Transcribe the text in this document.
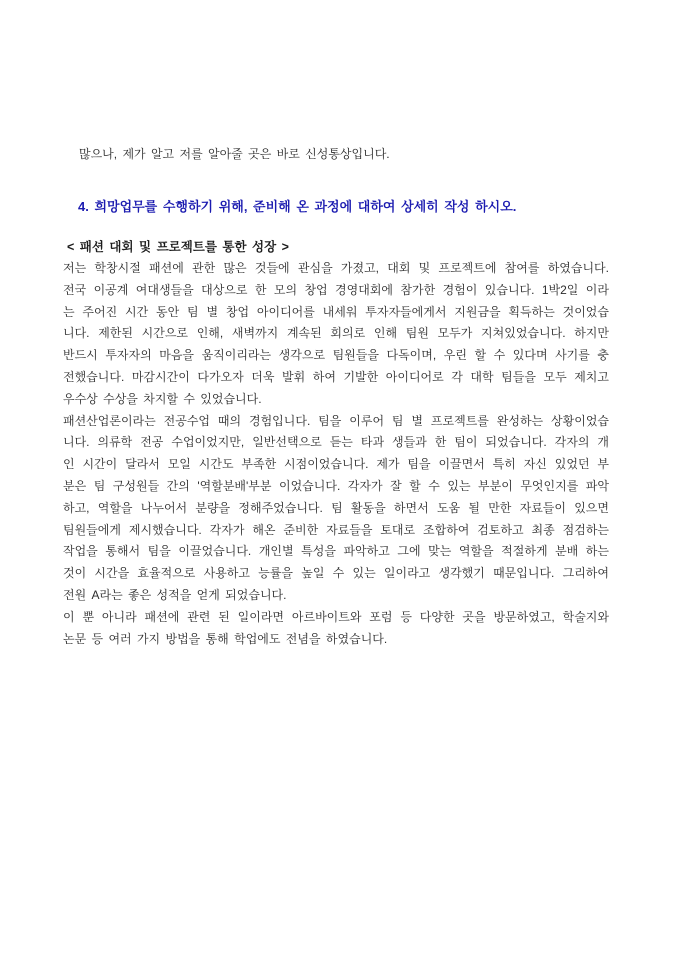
많으나, 제가 알고 저를 알아줄 곳은 바로 신성통상입니다.

4. 희망업무를 수행하기 위해, 준비해 온 과정에 대하여 상세히 작성 하시오.
< 패션 대회 및 프로젝트를 통한 성장 >
저는 학창시절 패션에 관한 많은 것들에 관심을 가졌고, 대회 및 프로젝트에 참여를 하였습니다.
전국 이공계 여대생들을 대상으로 한 모의 창업 경영대회에 참가한 경험이 있습니다. 1박2일 이라
는 주어진 시간 동안 팀 별 창업 아이디어를 내세워 투자자들에게서 지원금을 획득하는 것이었습
니다. 제한된 시간으로 인해, 새벽까지 계속된 회의로 인해 팀원 모두가 지쳐있었습니다. 하지만
반드시 투자자의 마음을 움직이리라는 생각으로 팀원들을 다독이며, 우린 할 수 있다며 사기를 충
전했습니다. 마감시간이 다가오자 더욱 발휘 하여 기발한 아이디어로 각 대학 팀들을 모두 제치고
우수상 수상을 차지할 수 있었습니다.
패션산업론이라는 전공수업 때의 경험입니다. 팀을 이루어 팀 별 프로젝트를 완성하는 상황이었습
니다. 의류학 전공 수업이었지만, 일반선택으로 듣는 타과 생들과 한 팀이 되었습니다. 각자의 개
인 시간이 달라서 모일 시간도 부족한 시점이었습니다. 제가 팀을 이끌면서 특히 자신 있었던 부
분은 팀 구성원들 간의 '역할분배'부분 이었습니다. 각자가 잘 할 수 있는 부분이 무엇인지를 파악
하고, 역할을 나누어서 분량을 정해주었습니다. 팀 활동을 하면서 도움 될 만한 자료들이 있으면
팀원들에게 제시했습니다. 각자가 해온 준비한 자료들을 토대로 조합하여 검토하고 최종 점검하는
작업을 통해서 팀을 이끌었습니다. 개인별 특성을 파악하고 그에 맞는 역할을 적절하게 분배 하는
것이 시간을 효율적으로 사용하고 능률을 높일 수 있는 일이라고 생각했기 때문입니다. 그리하여
전원 A라는 좋은 성적을 얻게 되었습니다.
이 뿐 아니라 패션에 관련 된 일이라면 아르바이트와 포럼 등 다양한 곳을 방문하였고, 학술지와
논문 등 여러 가지 방법을 통해 학업에도 전념을 하였습니다.
